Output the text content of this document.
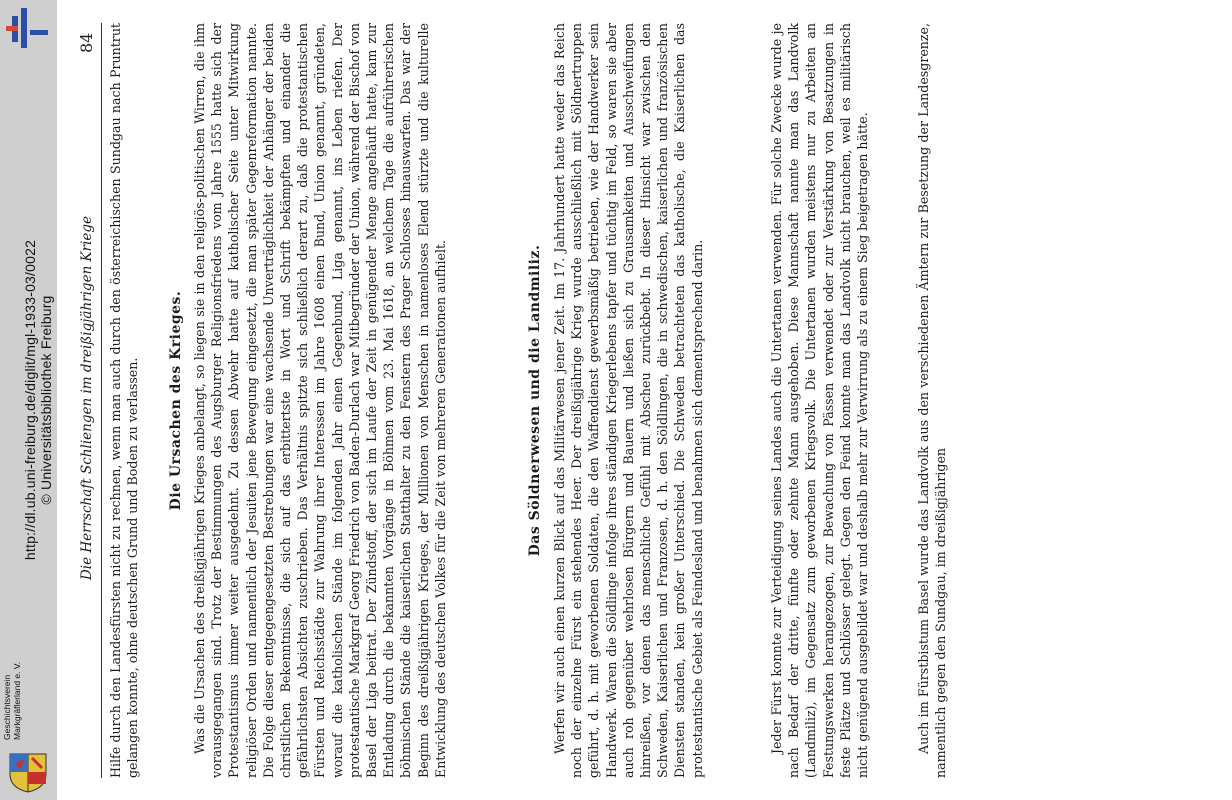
http://dl.ub.uni-freiburg.de/diglit/mgl-1933-03/0022 © Universitätsbibliothek Freiburg
Geschichtsverein Markgräflerland e. V.
Die Herrschaft Schliengen im dreißigjährigen Kriege
84 Hilfe durch den Landesfürsten nicht zu rechnen, wenn man auch durch den österreichischen Sundgau nach Pruntrut gelangen konnte, ohne deutschen Grund und Boden zu verlassen. Die Ursachen des Krieges. Was die Ursachen des dreißigjährigen Krieges anbelangt, so liegen sie in den religiös-politischen Wirren, die ihm vorausgegangen sind. Trotz der Bestimmungen des Augsburger Religionsfriedens vom Jahre 1555 hatte sich der Protestantismus immer weiter ausgedehnt. Zu dessen Abwehr hatte auf katholischer Seite unter Mitwirkung religiöser Orden und namentlich der Jesuiten jene Bewegung eingesetzt, die man später Gegenreformation nannte. Die Folge dieser entgegengesetzten Bestrebungen war eine wachsende Unverträglichkeit der Anhänger der beiden christlichen Bekenntnisse, die sich auf das erbittertste in Wort und Schrift bekämpften und einander die gefährlichsten Absichten zuschrieben. Das Verhältnis spitzte sich schließlich derart zu, daß die protestantischen Fürsten und Reichsstädte zur Wahrung ihrer Interessen im Jahre 1608 einen Bund, Union genannt, gründeten, worauf die katholischen Stände im folgenden Jahr einen Gegenbund, Liga genannt, ins Leben riefen. Der protestantische Markgraf Georg Friedrich von Baden-Durlach war Mitbegründer der Union, während der Bischof von Basel der Liga beitrat. Der Zündstoff, der sich im Laufe der Zeit in genügender Menge angehäuft hatte, kam zur Entladung durch die bekannten Vorgänge in Böhmen vom 23. Mai 1618, an welchem Tage die aufrührerischen böhmischen Stände die kaiserlichen Statthalter zu den Fenstern des Prager Schlosses hinauswarfen. Das war der Beginn des dreißigjährigen Krieges, der Millionen von Menschen in namenloses Elend stürzte und die kulturelle Entwicklung des deutschen Volkes für die Zeit von mehreren Generationen aufhielt.	Das Söldnerwesen und die Landmiliz. Werfen wir auch einen kurzen Blick auf das Militärwesen jener Zeit. Im 17. Jahrhundert hatte weder das Reich noch der einzelne Fürst ein stehendes Heer. Der dreißigjährige Krieg wurde ausschließlich mit Söldnertruppen geführt, d. h. mit geworbenen Soldaten, die den Waffendienst gewerbsmäßig betrieben, wie der Handwerker sein Handwerk. Waren die Söldlinge infolge ihres ständigen Kriegerlebens tapfer und tüchtig im Feld, so waren sie aber auch roh gegenüber wehrlosen Bürgern und Bauern und ließen sich zu Grausamkeiten und Ausschweifungen hinreißen, vor denen das menschliche Gefühl mit Abscheu zurückbebt. In dieser Hinsicht war zwischen den Schweden, Kaiserlichen und Franzosen, d. h. den Söldlingen, die in schwedischen, kaiserlichen und französischen Diensten standen, kein großer Unterschied. Die Schweden betrachteten das katholische, die Kaiserlichen das protestantische Gebiet als Feindesland und benahmen sich dementsprechend darin.	Jeder Fürst konnte zur Verteidigung seines Landes auch die Untertanen verwenden. Für solche Zwecke wurde je nach Bedarf der dritte, fünfte oder zehnte Mann ausgehoben. Diese Mannschaft nannte man das Landvolk (Landmiliz), im Gegensatz zum geworbenen Kriegsvolk. Die Untertanen wurden meistens nur zu Arbeiten an Festungswerken herangezogen, zur Bewachung von Pässen verwendet oder zur Verstärkung von Besatzungen in feste Plätze und Schlösser gelegt. Gegen den Feind konnte man das Landvolk nicht brauchen, weil es militärisch nicht genügend ausgebildet war und deshalb mehr zur Verwirrung als zu einem Sieg beigetragen hätte.	Auch im Fürstbistum Basel wurde das Landvolk aus den verschiedenen Ämtern zur Besetzung der Landesgrenze, namentlich gegen den Sundgau, im dreißigjährigen
